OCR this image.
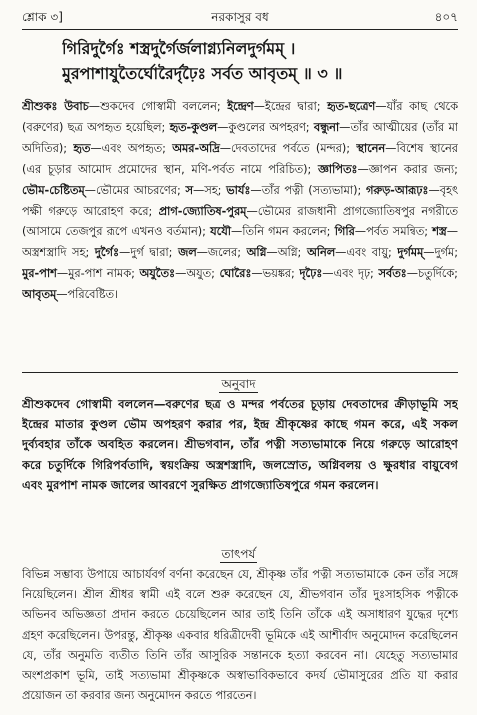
শ্লোক ৩]	নরকাসুর বধ	৪০৭
গিরিদুর্গৈঃ শস্ত্রদুর্গৈর্জলাগ্ন্যনিলদুর্গমম্ ।
মুরপাশাযুতৈর্ঘোরৈর্দৃঢ়ৈঃ সর্বত আবৃতম্ ॥ ৩ ॥
শ্রীশুকঃ উবাচ—শুকদেব গোস্বামী বললেন; ইন্দ্রেণ—ইন্দ্রের দ্বারা; হৃত-ছত্রেণ—যাঁর কাছ থেকে (বরুণের) ছত্র অপহৃত হয়েছিল; হৃত-কুণ্ডল—কুণ্ডলের অপহরণ; বন্ধুনা—তাঁর আত্মীয়ের (তাঁর মা অদিতির); হৃত—এবং অপহৃত; অমর-অদ্রি—দেবতাদের পর্বতে (মন্দর); স্থানেন—বিশেষ স্থানের (এর চূড়ার আমোদ প্রমোদের স্থান, মণি-পর্বত নামে পরিচিত); জ্ঞাপিতঃ—জ্ঞাপন করার জন্য; ভৌম-চেষ্টিতম্—ভৌমের আচরণের; স—সহ; ভার্যঃ—তাঁর পত্নী (সত্যভামা); গরুড়-আরূঢ়ঃ—বৃহৎ পক্ষী গরুড়ে আরোহণ করে; প্রাগ-জ্যোতিষ-পুরম্—ভৌমের রাজধানী প্রাগজ্যোতিষপুর নগরীতে (আসামে তেজপুর রূপে এখনও বর্তমান); যযৌ—তিনি গমন করলেন; গিরি—পর্বত সমন্বিত; শস্ত্র—অস্ত্রশস্ত্রাদি সহ; দুর্গৈঃ—দুর্গ দ্বারা; জল—জলের; অগ্নি—অগ্নি; অনিল—এবং বায়ু; দুর্গমম্—দুর্গম; মুর-পাশ—মুর-পাশ নামক; অযুতৈঃ—অযুত; ঘোরৈঃ—ভয়ঙ্কর; দৃঢ়ৈঃ—এবং দৃঢ়; সর্বতঃ—চতুর্দিকে; আবৃতম্—পরিবেষ্টিত।
অনুবাদ
শ্রীশুকদেব গোস্বামী বললেন—বরুণের ছত্র ও মন্দর পর্বতের চূড়ায় দেবতাদের ক্রীড়াভূমি সহ ইন্দ্রের মাতার কুণ্ডল ভৌম অপহরণ করার পর, ইন্দ্র শ্রীকৃষ্ণের কাছে গমন করে, এই সকল দুর্ব্যবহার তাঁকে অবহিত করলেন। শ্রীভগবান, তাঁর পত্নী সত্যভামাকে নিয়ে গরুড়ে আরোহণ করে চতুর্দিকে গিরিপর্বতাদি, স্বয়ংক্রিয় অস্ত্রশস্ত্রাদি, জলস্রোত, অগ্নিবলয় ও ক্ষুরধার বায়ুবেগ এবং মুরপাশ নামক জালের আবরণে সুরক্ষিত প্রাগজ্যোতিষপুরে গমন করলেন।
তাৎপর্য
বিভিন্ন সম্ভাব্য উপায়ে আচার্যবর্গ বর্ণনা করেছেন যে, শ্রীকৃষ্ণ তাঁর পত্নী সত্যভামাকে কেন তাঁর সঙ্গে নিয়েছিলেন। শ্রীল শ্রীধর স্বামী এই বলে শুরু করেছেন যে, শ্রীভগবান তাঁর দুঃসাহসিক পত্নীকে অভিনব অভিজ্ঞতা প্রদান করতে চেয়েছিলেন আর তাই তিনি তাঁকে এই অসাধারণ যুদ্ধের দৃশ্যে গ্রহণ করেছিলেন। উপরন্তু, শ্রীকৃষ্ণ একবার ধরিত্রীদেবী ভূমিকে এই আশীর্বাদ অনুমোদন করেছিলেন যে, তাঁর অনুমতি ব্যতীত তিনি তাঁর আসুরিক সন্তানকে হত্যা করবেন না। যেহেতু সত্যভামার অংশপ্রকাশ ভূমি, তাই সত্যভামা শ্রীকৃষ্ণকে অস্বাভাবিকভাবে কদর্য ভৌমাসুরের প্রতি যা করার প্রয়োজন তা করবার জন্য অনুমোদন করতে পারতেন।
